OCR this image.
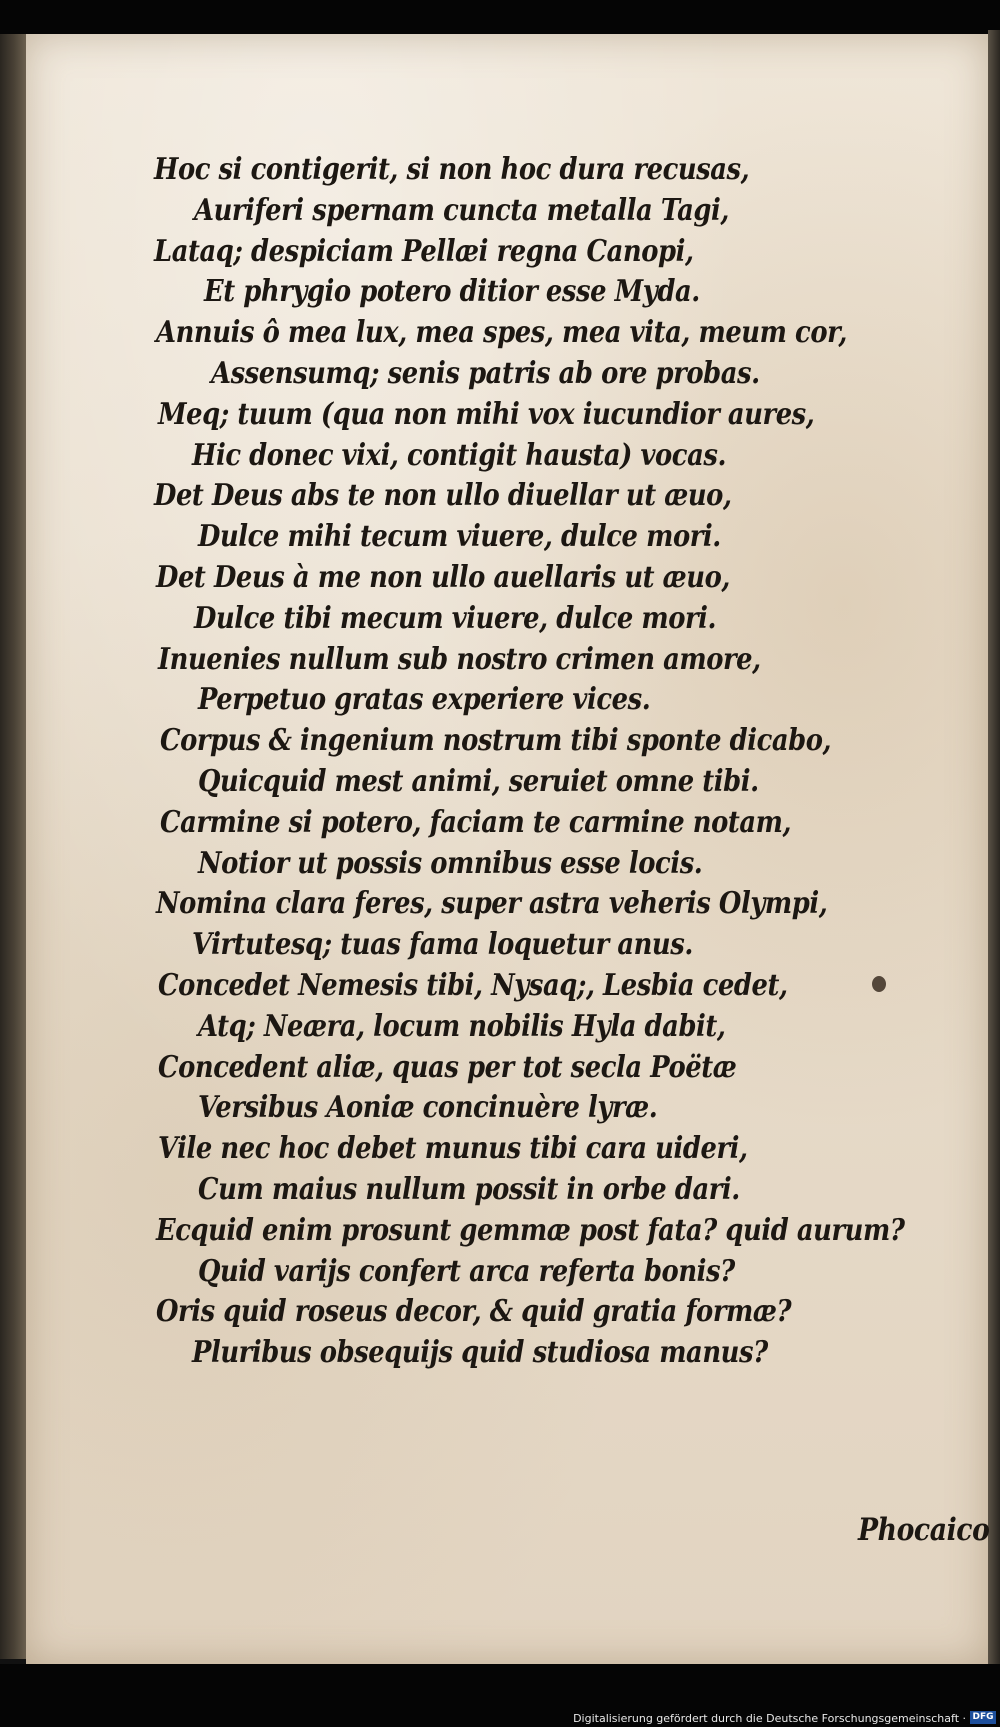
Hoc si contigerit, si non hoc dura recusas,
Auriferi spernam cuncta metalla Tagi,
Lataq; despiciam Pellæi regna Canopi,
Et phrygio potero ditior esse Myda.
Annuis ô mea lux, mea spes, mea vita, meum cor,
Assensumq; senis patris ab ore probas.
Meq; tuum (qua non mihi vox iucundior aures,
Hic donec vixi, contigit hausta) vocas.
Det Deus abs te non ullo diuellar ut æuo,
Dulce mihi tecum viuere, dulce mori.
Det Deus à me non ullo auellaris ut æuo,
Dulce tibi mecum viuere, dulce mori.
Inuenies nullum sub nostro crimen amore,
Perpetuo gratas experiere vices.
Corpus & ingenium nostrum tibi sponte dicabo,
Quicquid mest animi, seruiet omne tibi.
Carmine si potero, faciam te carmine notam,
Notior ut possis omnibus esse locis.
Nomina clara feres, super astra veheris Olympi,
Virtutesq; tuas fama loquetur anus.
Concedet Nemesis tibi, Nysaq;, Lesbia cedet,
Atq; Neæra, locum nobilis Hyla dabit,
Concedent aliæ, quas per tot secla Poëtæ
Versibus Aoniæ concinuère lyræ.
Vile nec hoc debet munus tibi cara uideri,
Cum maius nullum possit in orbe dari.
Ecquid enim prosunt gemmæ post fata? quid aurum?
Quid varijs confert arca referta bonis?
Oris quid roseus decor, & quid gratia formæ?
Pluribus obsequijs quid studiosa manus?
Phocaico
Digitalisierung gefördert durch die Deutsche Forschungsgemeinschaft · DFG
